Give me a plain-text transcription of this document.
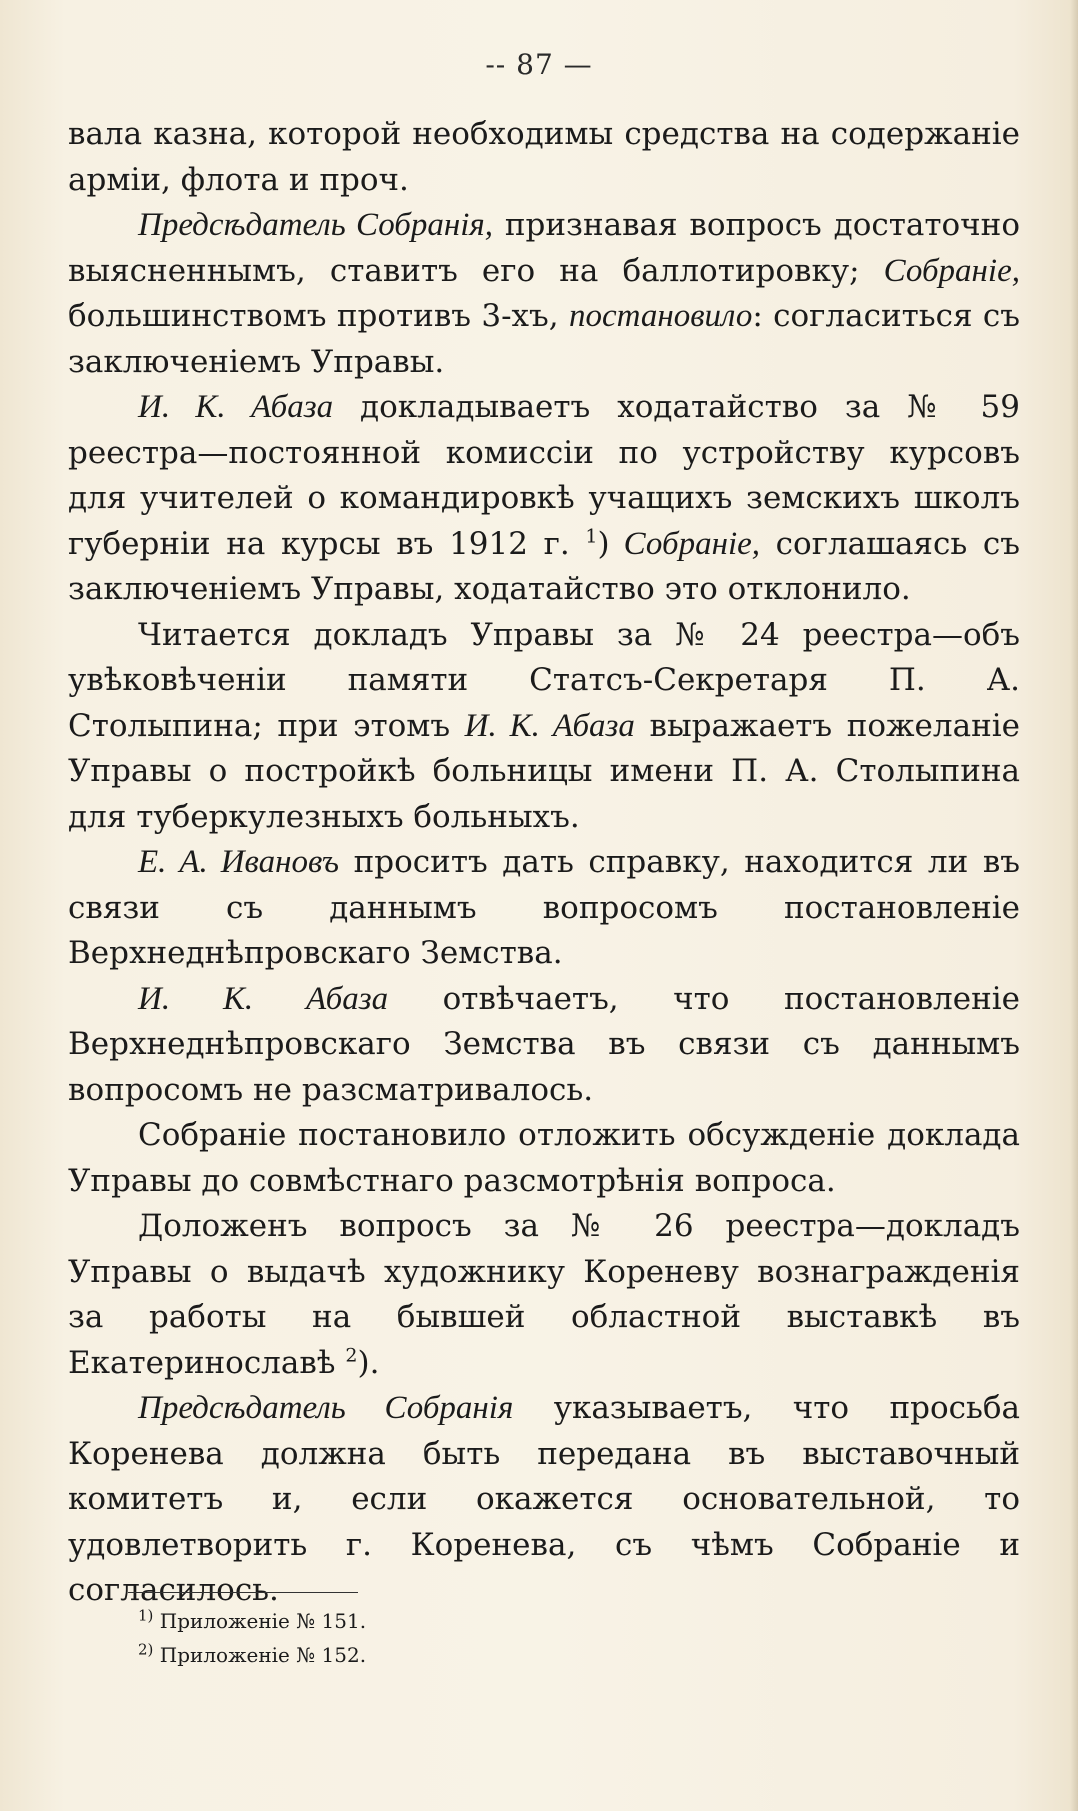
-- 87 —

вала казна, которой необходимы средства на содержаніе арміи, флота и проч.

Предсѣдатель Собранія, признавая вопросъ достаточно выясненнымъ, ставитъ его на баллотировку; Собраніе, большинствомъ противъ 3-хъ, постановило: согласиться съ заключеніемъ Управы.

И. К. Абаза докладываетъ ходатайство за № 59 реестра—постоянной комиссіи по устройству курсовъ для учителей о командировкѣ учащихъ земскихъ школъ губерніи на курсы въ 1912 г. $^1$) Собраніе, соглашаясь съ заключеніемъ Управы, ходатайство это отклонило.

Читается докладъ Управы за № 24 реестра—объ увѣковѣченіи памяти Статсъ-Секретаря П. А. Столыпина; при этомъ И. К. Абаза выражаетъ пожеланіе Управы о постройкѣ больницы имени П. А. Столыпина для туберкулезныхъ больныхъ.

Е. А. Ивановъ проситъ дать справку, находится ли въ связи съ даннымъ вопросомъ постановленіе Верхнеднѣпровскаго Земства.

И. К. Абаза отвѣчаетъ, что постановленіе Верхнеднѣпровскаго Земства въ связи съ даннымъ вопросомъ не разсматривалось.

Собраніе постановило отложить обсужденіе доклада Управы до совмѣстнаго разсмотрѣнія вопроса.

Доложенъ вопросъ за № 26 реестра—докладъ Управы о выдачѣ художнику Кореневу вознагражденія за работы на бывшей областной выставкѣ въ Екатеринославѣ $^2$).

Предсѣдатель Собранія указываетъ, что просьба Коренева должна быть передана въ выставочный комитетъ и, если окажется основательной, то удовлетворить г. Коренева, съ чѣмъ Собраніе и согласилось.

$^{1)}$ Приложеніе № 151.

$^{2)}$ Приложеніе № 152.
